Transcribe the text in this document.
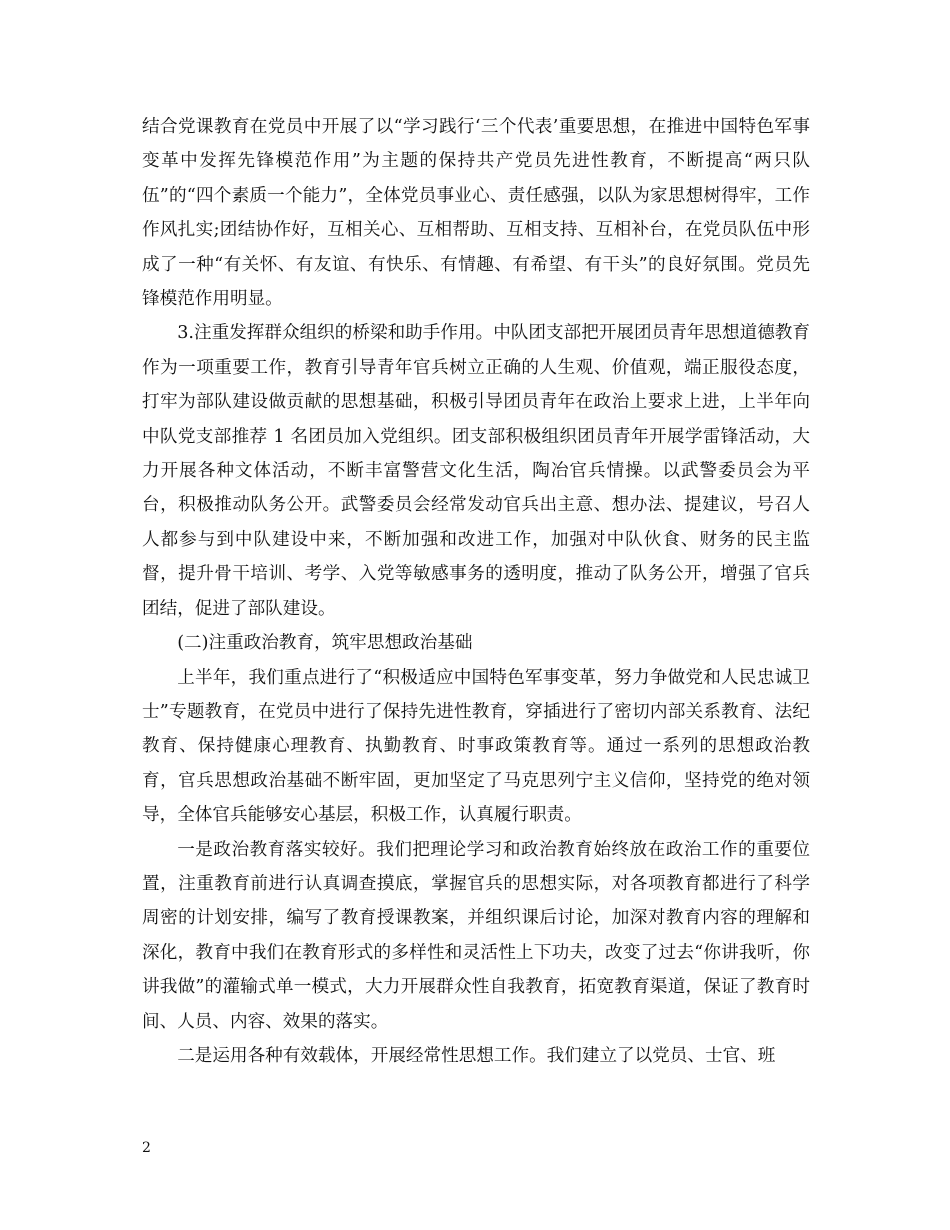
结合党课教育在党员中开展了以“学习践行‘三个代表’重要思想，在推进中国特色军事变革中发挥先锋模范作用”为主题的保持共产党员先进性教育，不断提高“两只队伍”的“四个素质一个能力”，全体党员事业心、责任感强，以队为家思想树得牢，工作作风扎实;团结协作好，互相关心、互相帮助、互相支持、互相补台，在党员队伍中形成了一种“有关怀、有友谊、有快乐、有情趣、有希望、有干头”的良好氛围。党员先锋模范作用明显。

3.注重发挥群众组织的桥梁和助手作用。中队团支部把开展团员青年思想道德教育作为一项重要工作，教育引导青年官兵树立正确的人生观、价值观，端正服役态度，打牢为部队建设做贡献的思想基础，积极引导团员青年在政治上要求上进，上半年向中队党支部推荐 1 名团员加入党组织。团支部积极组织团员青年开展学雷锋活动，大力开展各种文体活动，不断丰富警营文化生活，陶冶官兵情操。以武警委员会为平台，积极推动队务公开。武警委员会经常发动官兵出主意、想办法、提建议，号召人人都参与到中队建设中来，不断加强和改进工作，加强对中队伙食、财务的民主监督，提升骨干培训、考学、入党等敏感事务的透明度，推动了队务公开，增强了官兵团结，促进了部队建设。

(二)注重政治教育，筑牢思想政治基础

上半年，我们重点进行了“积极适应中国特色军事变革，努力争做党和人民忠诚卫士”专题教育，在党员中进行了保持先进性教育，穿插进行了密切内部关系教育、法纪教育、保持健康心理教育、执勤教育、时事政策教育等。通过一系列的思想政治教育，官兵思想政治基础不断牢固，更加坚定了马克思列宁主义信仰，坚持党的绝对领导，全体官兵能够安心基层，积极工作，认真履行职责。

一是政治教育落实较好。我们把理论学习和政治教育始终放在政治工作的重要位置，注重教育前进行认真调查摸底，掌握官兵的思想实际，对各项教育都进行了科学周密的计划安排，编写了教育授课教案，并组织课后讨论，加深对教育内容的理解和深化，教育中我们在教育形式的多样性和灵活性上下功夫，改变了过去“你讲我听，你讲我做”的灌输式单一模式，大力开展群众性自我教育，拓宽教育渠道，保证了教育时间、人员、内容、效果的落实。

二是运用各种有效载体，开展经常性思想工作。我们建立了以党员、士官、班

2
